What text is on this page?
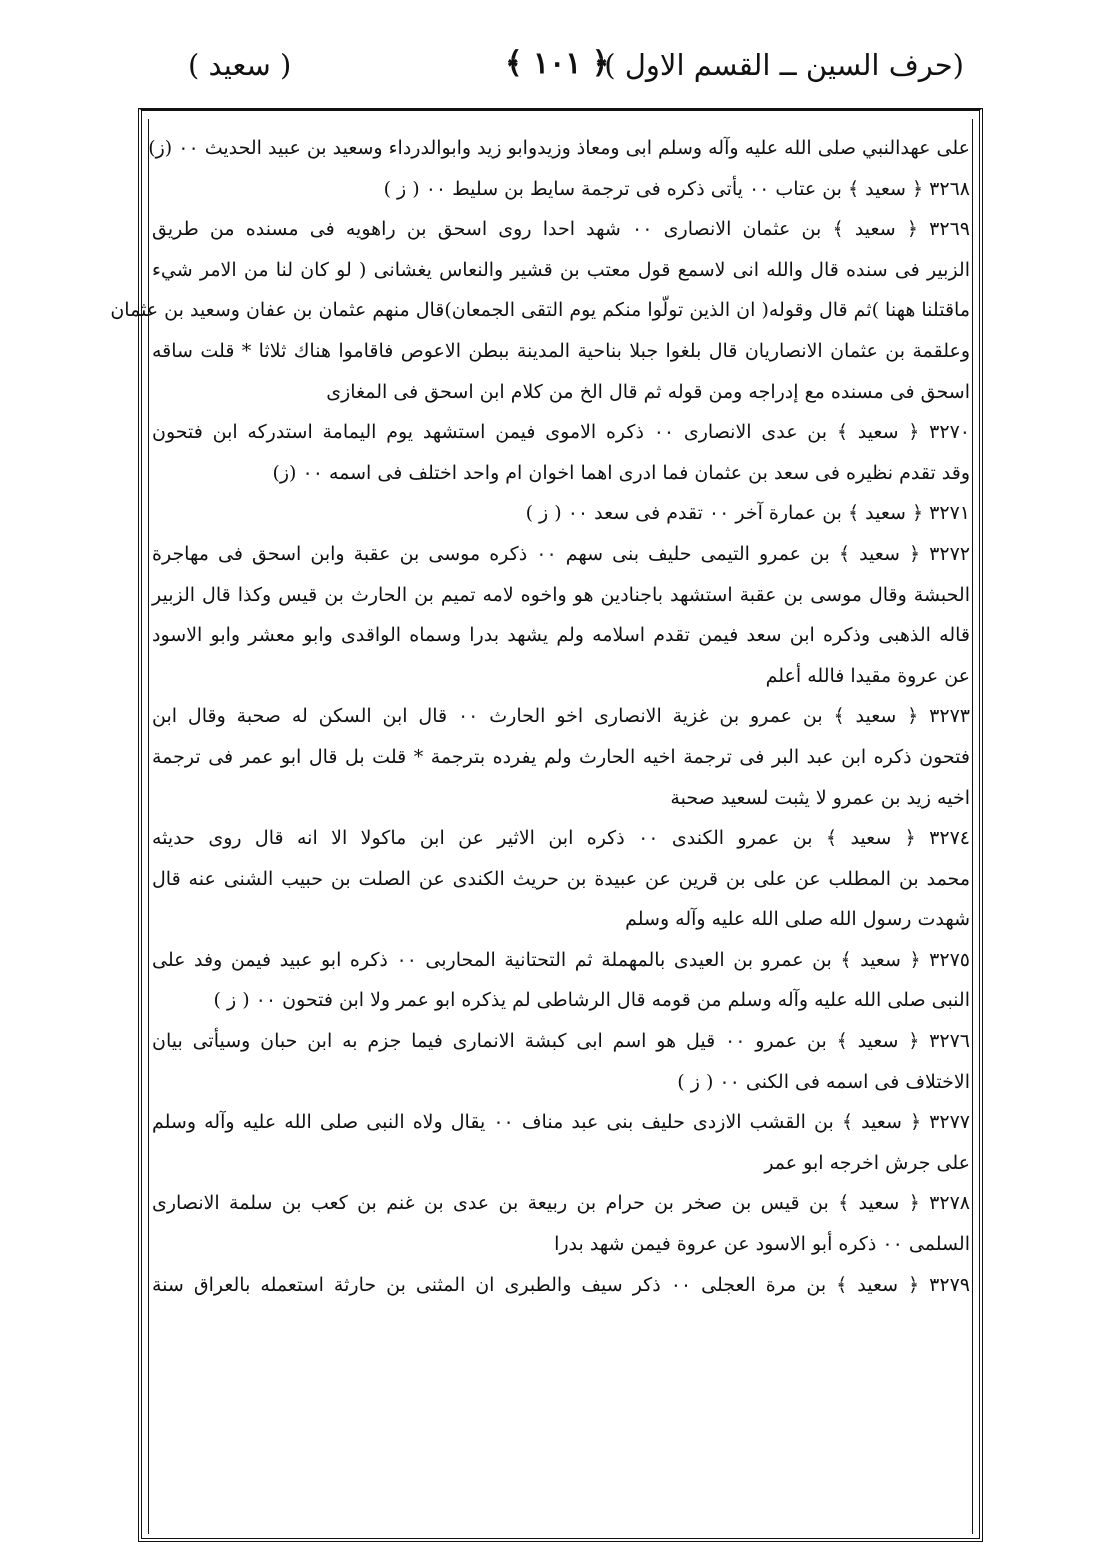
(حرف السين ــ القسم الاول )
﴿ ١٠١ ﴾
( سعيد )
على عهدالنبي صلى الله عليه وآله وسلم ابى ومعاذ وزيدوابو زيد وابوالدرداء وسعيد بن عبيد الحديث ٠٠ (ز)
٣٢٦٨ ﴿ سعيد ﴾ بن عتاب ٠٠ يأتى ذكره فى ترجمة سايط بن سليط ٠٠ ( ز )
٣٢٦٩ ﴿ سعيد ﴾ بن عثمان الانصارى ٠٠ شهد احدا روى اسحق بن راهويه فى مسنده من طريق
الزبير فى سنده قال والله انى لاسمع قول معتب بن قشير والنعاس يغشانى ( لو كان لنا من الامر شيء
ماقتلنا ههنا )ثم قال وقوله( ان الذين تولّوا منكم يوم التقى الجمعان)قال منهم عثمان بن عفان وسعيد بن عثمان
وعلقمة بن عثمان الانصاريان قال بلغوا جبلا بناحية المدينة ببطن الاعوص فاقاموا هناك ثلاثا * قلت ساقه
اسحق فى مسنده مع إدراجه ومن قوله ثم قال الخ من كلام ابن اسحق فى المغازى
٣٢٧٠ ﴿ سعيد ﴾ بن عدى الانصارى ٠٠ ذكره الاموى فيمن استشهد يوم اليمامة استدركه ابن فتحون
وقد تقدم نظيره فى سعد بن عثمان فما ادرى اهما اخوان ام واحد اختلف فى اسمه ٠٠ (ز)
٣٢٧١ ﴿ سعيد ﴾ بن عمارة آخر ٠٠ تقدم فى سعد ٠٠ ( ز )
٣٢٧٢ ﴿ سعيد ﴾ بن عمرو التيمى حليف بنى سهم ٠٠ ذكره موسى بن عقبة وابن اسحق فى مهاجرة
الحبشة وقال موسى بن عقبة استشهد باجنادين هو واخوه لامه تميم بن الحارث بن قيس وكذا قال الزبير
قاله الذهبى وذكره ابن سعد فيمن تقدم اسلامه ولم يشهد بدرا وسماه الواقدى وابو معشر وابو الاسود
عن عروة مقيدا فالله أعلم
٣٢٧٣ ﴿ سعيد ﴾ بن عمرو بن غزية الانصارى اخو الحارث ٠٠ قال ابن السكن له صحبة وقال ابن
فتحون ذكره ابن عبد البر فى ترجمة اخيه الحارث ولم يفرده بترجمة * قلت بل قال ابو عمر فى ترجمة
اخيه زيد بن عمرو لا يثبت لسعيد صحبة
٣٢٧٤ ﴿ سعيد ﴾ بن عمرو الكندى ٠٠ ذكره ابن الاثير عن ابن ماكولا الا انه قال روى حديثه
محمد بن المطلب عن على بن قرين عن عبيدة بن حريث الكندى عن الصلت بن حبيب الشنى عنه قال
شهدت رسول الله صلى الله عليه وآله وسلم
٣٢٧٥ ﴿ سعيد ﴾ بن عمرو بن العيدى بالمهملة ثم التحتانية المحاربى ٠٠ ذكره ابو عبيد فيمن وفد على
النبى صلى الله عليه وآله وسلم من قومه قال الرشاطى لم يذكره ابو عمر ولا ابن فتحون ٠٠ ( ز )
٣٢٧٦ ﴿ سعيد ﴾ بن عمرو ٠٠ قيل هو اسم ابى كبشة الانمارى فيما جزم به ابن حبان وسيأتى بيان
الاختلاف فى اسمه فى الكنى ٠٠ ( ز )
٣٢٧٧ ﴿ سعيد ﴾ بن القشب الازدى حليف بنى عبد مناف ٠٠ يقال ولاه النبى صلى الله عليه وآله وسلم
على جرش اخرجه ابو عمر
٣٢٧٨ ﴿ سعيد ﴾ بن قيس بن صخر بن حرام بن ربيعة بن عدى بن غنم بن كعب بن سلمة الانصارى
السلمى ٠٠ ذكره أبو الاسود عن عروة فيمن شهد بدرا
٣٢٧٩ ﴿ سعيد ﴾ بن مرة العجلى ٠٠ ذكر سيف والطبرى ان المثنى بن حارثة استعمله بالعراق سنة
